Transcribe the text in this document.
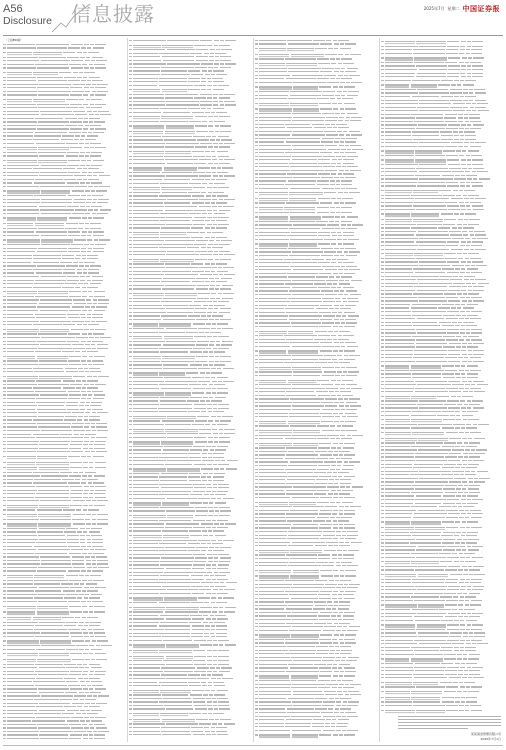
A56
Disclosure 信息披露	2025年7月 星期二 中国证券报
（上接B56版）
某某基金管理有限公司
2025年7月1日
